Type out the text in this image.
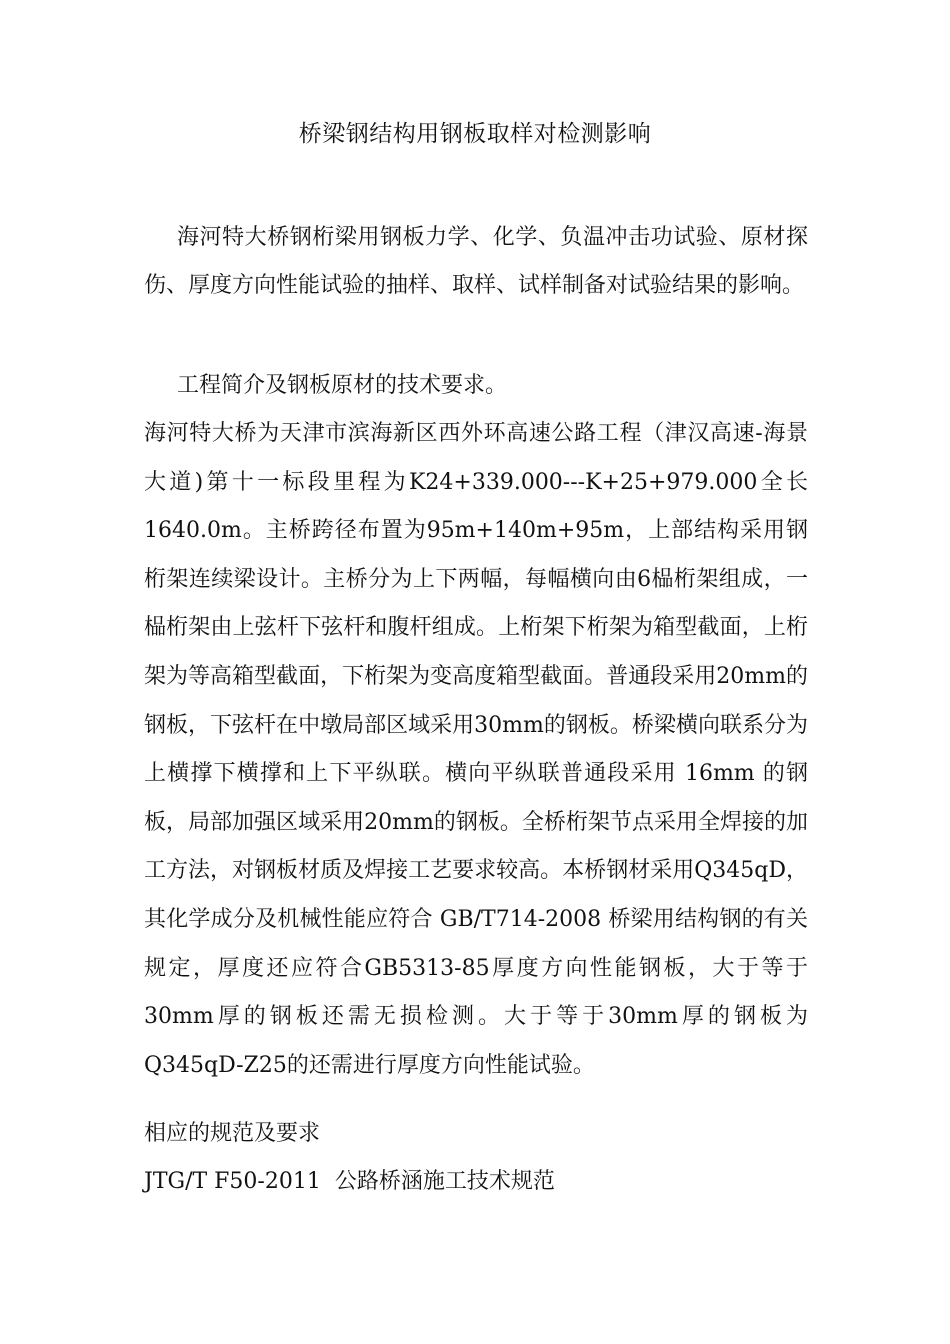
桥梁钢结构用钢板取样对检测影响

海河特大桥钢桁梁用钢板力学、化学、负温冲击功试验、原材探伤、厚度方向性能试验的抽样、取样、试样制备对试验结果的影响。

工程简介及钢板原材的技术要求。

海河特大桥为天津市滨海新区西外环高速公路工程（津汉高速-海景大道)第十一标段里程为K24+339.000---K+25+979.000全长1640.0m。主桥跨径布置为95m+140m+95m，上部结构采用钢桁架连续梁设计。主桥分为上下两幅，每幅横向由6榀桁架组成，一榀桁架由上弦杆下弦杆和腹杆组成。上桁架下桁架为箱型截面，上桁架为等高箱型截面，下桁架为变高度箱型截面。普通段采用20mm的钢板，下弦杆在中墩局部区域采用30mm的钢板。桥梁横向联系分为上横撑下横撑和上下平纵联。横向平纵联普通段采用 16mm 的钢板，局部加强区域采用20mm的钢板。全桥桁架节点采用全焊接的加工方法，对钢板材质及焊接工艺要求较高。本桥钢材采用Q345qD，其化学成分及机械性能应符合 GB/T714-2008 桥梁用结构钢的有关规定，厚度还应符合GB5313-85厚度方向性能钢板，大于等于30mm厚的钢板还需无损检测。大于等于30mm厚的钢板为Q345qD-Z25的还需进行厚度方向性能试验。

相应的规范及要求

JTG/T F50-2011  公路桥涵施工技术规范
